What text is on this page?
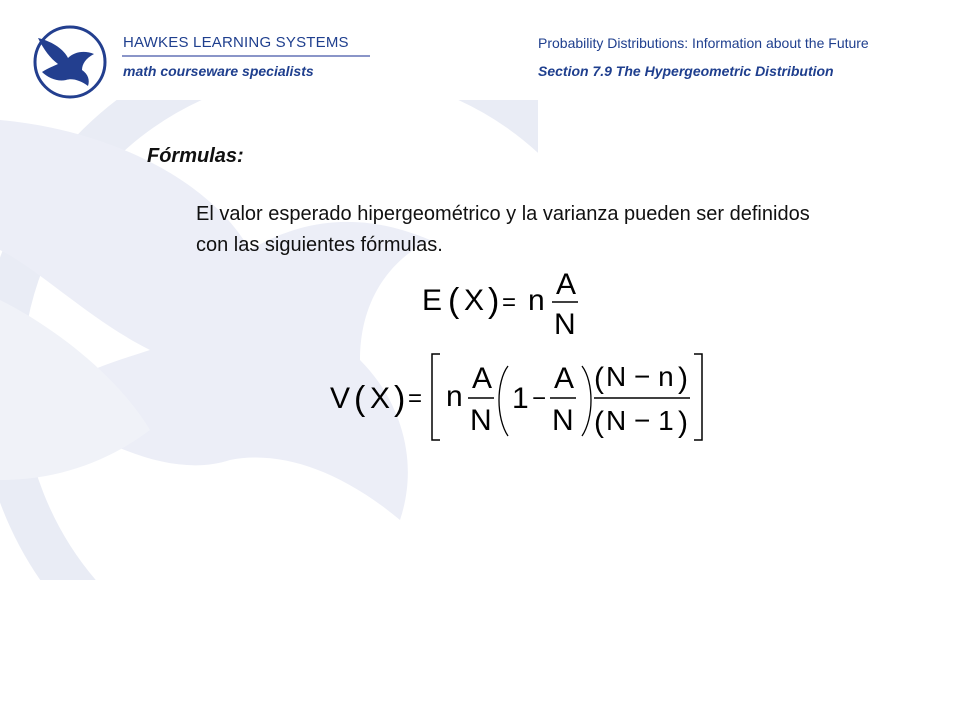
HAWKES LEARNING SYSTEMS
math courseware specialists
Probability Distributions: Information about the Future
Section 7.9 The Hypergeometric Distribution
Fórmulas:

El valor esperado hipergeométrico y la varianza pueden ser definidos con las siguientes fórmulas.

E ( X ) = n A
N
V ( X ) = n
A
N
1 −
A
N
( N − n )
( N − 1 )
